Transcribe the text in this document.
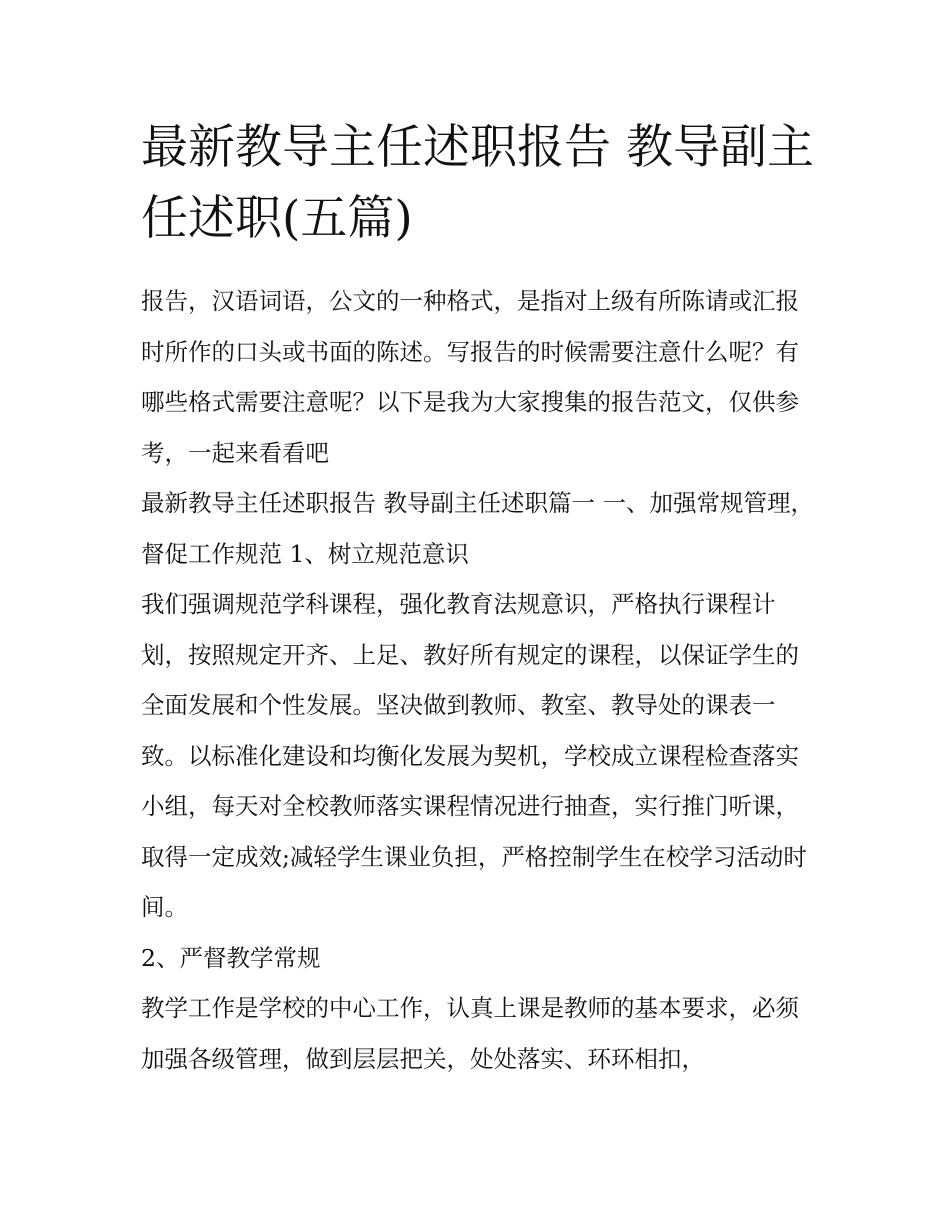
最新教导主任述职报告 教导副主任述职(五篇)

报告，汉语词语，公文的一种格式，是指对上级有所陈请或汇报时所作的口头或书面的陈述。写报告的时候需要注意什么呢？有哪些格式需要注意呢？以下是我为大家搜集的报告范文，仅供参考，一起来看看吧

最新教导主任述职报告 教导副主任述职篇一 一、加强常规管理，督促工作规范 1、树立规范意识

我们强调规范学科课程，强化教育法规意识，严格执行课程计划，按照规定开齐、上足、教好所有规定的课程，以保证学生的全面发展和个性发展。坚决做到教师、教室、教导处的课表一致。以标准化建设和均衡化发展为契机，学校成立课程检查落实小组，每天对全校教师落实课程情况进行抽查，实行推门听课，取得一定成效;减轻学生课业负担，严格控制学生在校学习活动时间。

2、严督教学常规

教学工作是学校的中心工作，认真上课是教师的基本要求，必须加强各级管理，做到层层把关，处处落实、环环相扣，
